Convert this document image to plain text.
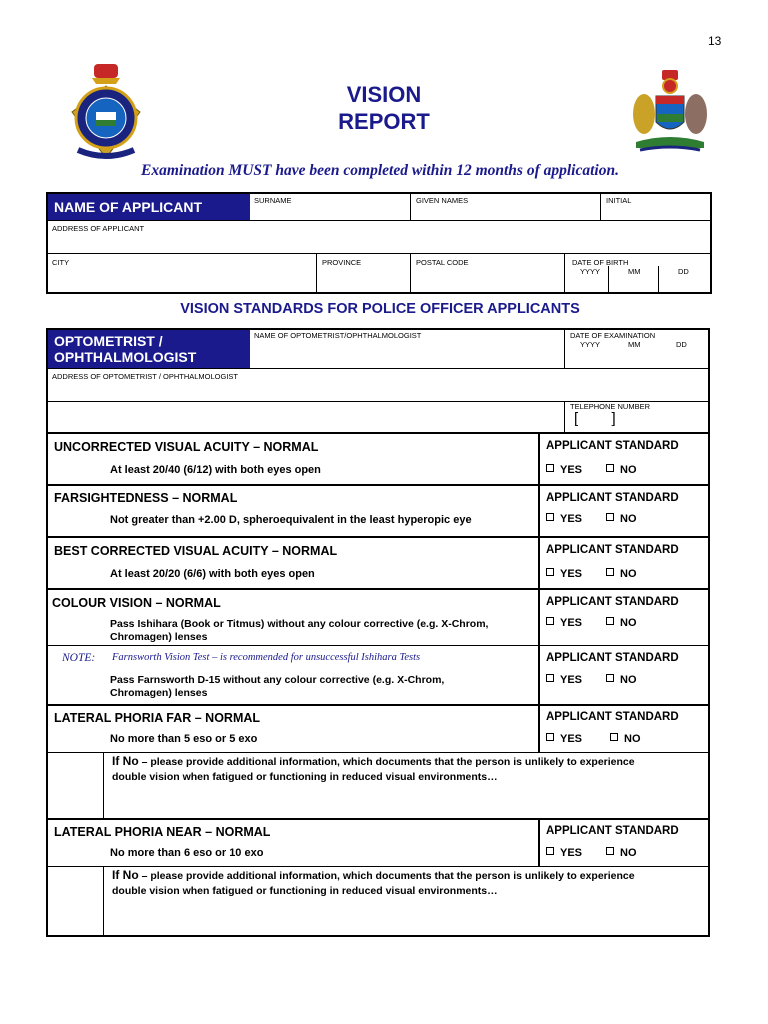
13
VISION
REPORT
Examination MUST have been completed within 12 months of application.
NAME OF APPLICANT	SURNAME	GIVEN NAMES	INITIAL
ADDRESS OF APPLICANT
CITY	PROVINCE	POSTAL CODE	DATE OF BIRTH
YYYY	MM	DD
VISION STANDARDS FOR POLICE OFFICER APPLICANTS
OPTOMETRIST /
OPHTHALMOLOGIST
NAME OF OPTOMETRIST/OPHTHALMOLOGIST	DATE OF EXAMINATION
YYYY	MM	DD
ADDRESS OF OPTOMETRIST / OPHTHALMOLOGIST
TELEPHONE NUMBER
[        ]
UNCORRECTED VISUAL ACUITY – NORMAL
At least 20/40 (6/12) with both eyes open
APPLICANT STANDARD
YES	NO
FARSIGHTEDNESS – NORMAL
Not greater than +2.00 D, spheroequivalent in the least hyperopic eye
APPLICANT STANDARD
YES	NO
BEST CORRECTED VISUAL ACUITY – NORMAL
At least 20/20 (6/6) with both eyes open
APPLICANT STANDARD
YES	NO
COLOUR VISION – NORMAL
Pass Ishihara (Book or Titmus) without any colour corrective (e.g. X-Chrom,
Chromagen) lenses
APPLICANT STANDARD
YES	NO
NOTE: Farnsworth Vision Test – is recommended for unsuccessful Ishihara Tests	APPLICANT STANDARD
Pass Farnsworth D-15 without any colour corrective (e.g. X-Chrom,
Chromagen) lenses
YES	NO
LATERAL PHORIA FAR – NORMAL
No more than 5 eso or 5 exo
APPLICANT STANDARD
YES	NO
If No – please provide additional information, which documents that the person is unlikely to experience
double vision when fatigued or functioning in reduced visual environments…
LATERAL PHORIA NEAR – NORMAL
No more than 6 eso or 10 exo
APPLICANT STANDARD
YES	NO
If No – please provide additional information, which documents that the person is unlikely to experience
double vision when fatigued or functioning in reduced visual environments…
